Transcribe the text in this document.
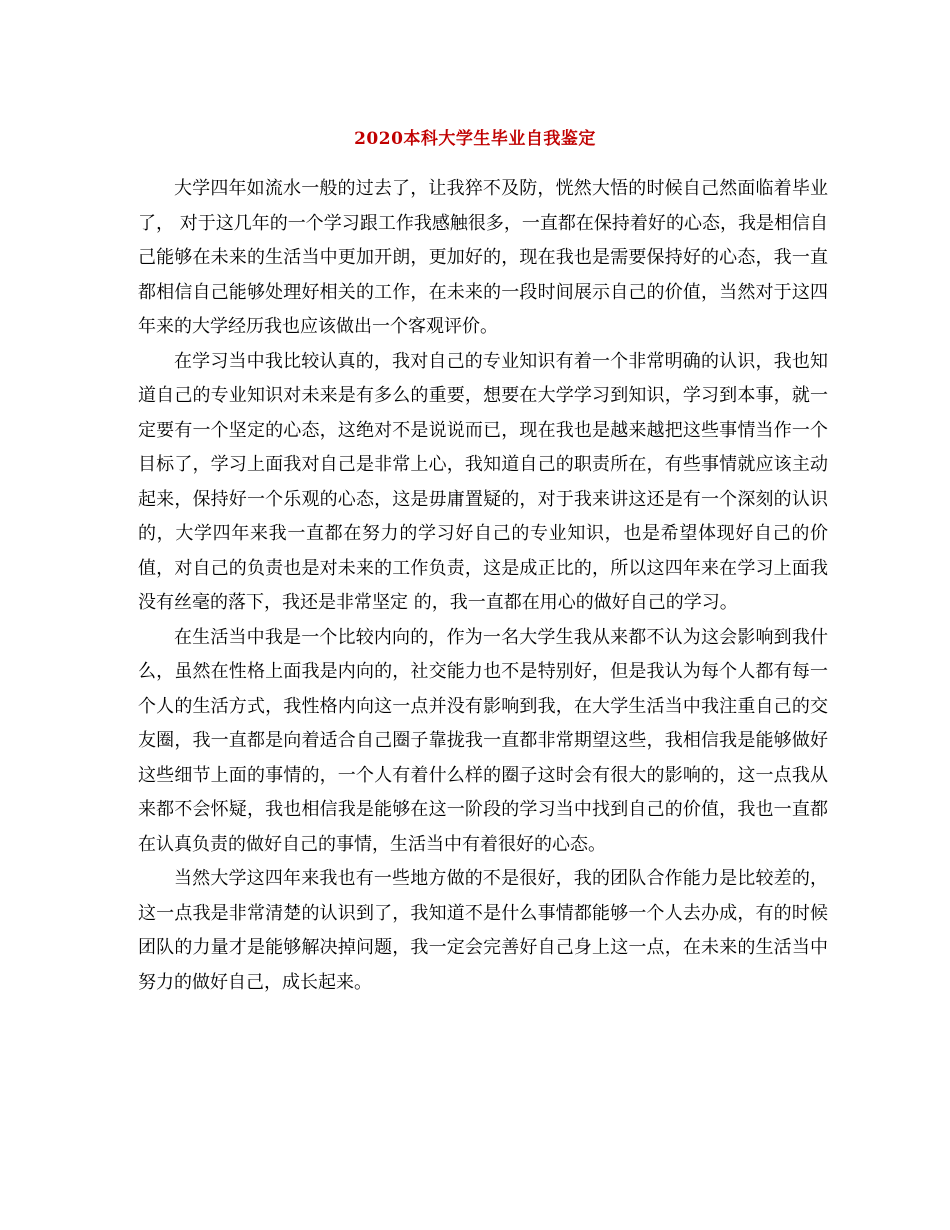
2020本科大学生毕业自我鉴定

大学四年如流水一般的过去了，让我猝不及防，恍然大悟的时候自己然面临着毕业了， 对于这几年的一个学习跟工作我感触很多，一直都在保持着好的心态，我是相信自己能够在未来的生活当中更加开朗，更加好的，现在我也是需要保持好的心态，我一直都相信自己能够处理好相关的工作，在未来的一段时间展示自己的价值，当然对于这四年来的大学经历我也应该做出一个客观评价。

在学习当中我比较认真的，我对自己的专业知识有着一个非常明确的认识，我也知道自己的专业知识对未来是有多么的重要，想要在大学学习到知识，学习到本事，就一定要有一个坚定的心态，这绝对不是说说而已，现在我也是越来越把这些事情当作一个目标了，学习上面我对自己是非常上心，我知道自己的职责所在，有些事情就应该主动起来，保持好一个乐观的心态，这是毋庸置疑的，对于我来讲这还是有一个深刻的认识的，大学四年来我一直都在努力的学习好自己的专业知识，也是希望体现好自己的价值，对自己的负责也是对未来的工作负责，这是成正比的，所以这四年来在学习上面我没有丝毫的落下，我还是非常坚定 的，我一直都在用心的做好自己的学习。

在生活当中我是一个比较内向的，作为一名大学生我从来都不认为这会影响到我什么，虽然在性格上面我是内向的，社交能力也不是特别好，但是我认为每个人都有每一个人的生活方式，我性格内向这一点并没有影响到我，在大学生活当中我注重自己的交友圈，我一直都是向着适合自己圈子靠拢我一直都非常期望这些，我相信我是能够做好这些细节上面的事情的，一个人有着什么样的圈子这时会有很大的影响的，这一点我从来都不会怀疑，我也相信我是能够在这一阶段的学习当中找到自己的价值，我也一直都在认真负责的做好自己的事情，生活当中有着很好的心态。

当然大学这四年来我也有一些地方做的不是很好，我的团队合作能力是比较差的，这一点我是非常清楚的认识到了，我知道不是什么事情都能够一个人去办成，有的时候团队的力量才是能够解决掉问题，我一定会完善好自己身上这一点，在未来的生活当中努力的做好自己，成长起来。
